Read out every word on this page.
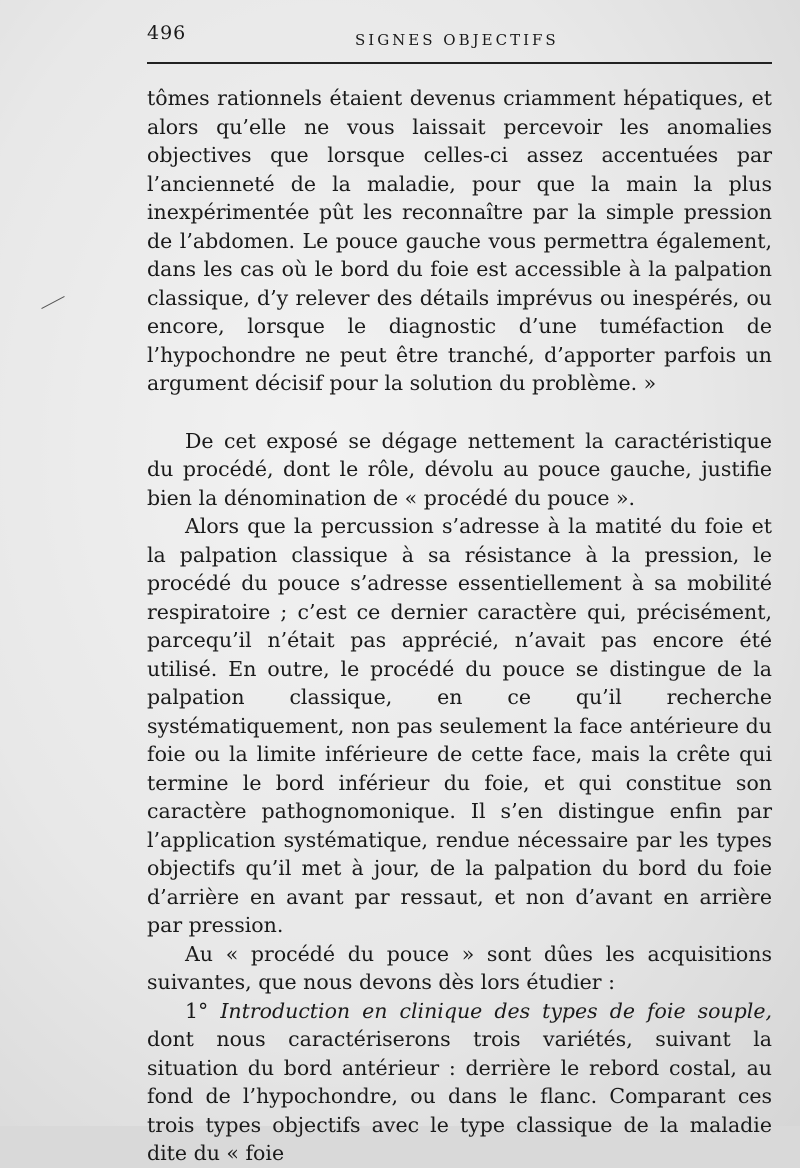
496	SIGNES OBJECTIFS

tômes rationnels étaient devenus criamment hépatiques, et alors qu’elle ne vous laissait percevoir les anomalies objectives que lorsque celles-ci assez accentuées par l’ancienneté de la maladie, pour que la main la plus inexpérimentée pût les reconnaître par la simple pression de l’abdomen. Le pouce gauche vous permettra également, dans les cas où le bord du foie est accessible à la palpation classique, d’y relever des détails imprévus ou inespérés, ou encore, lorsque le diagnostic d’une tuméfaction de l’hypochondre ne peut être tranché, d’apporter parfois un argument décisif pour la solution du problème. »

De cet exposé se dégage nettement la caractéristique du procédé, dont le rôle, dévolu au pouce gauche, justifie bien la dénomination de « procédé du pouce ».

Alors que la percussion s’adresse à la matité du foie et la palpation classique à sa résistance à la pression, le procédé du pouce s’adresse essentiellement à sa mobilité respiratoire ; c’est ce dernier caractère qui, précisément, parcequ’il n’était pas apprécié, n’avait pas encore été utilisé. En outre, le procédé du pouce se distingue de la palpation classique, en ce qu’il recherche systématiquement, non pas seulement la face antérieure du foie ou la limite inférieure de cette face, mais la crête qui termine le bord inférieur du foie, et qui constitue son caractère pathognomonique. Il s’en distingue enfin par l’application systématique, rendue nécessaire par les types objectifs qu’il met à jour, de la palpation du bord du foie d’arrière en avant par ressaut, et non d’avant en arrière par pression.

Au « procédé du pouce » sont dûes les acquisitions suivantes, que nous devons dès lors étudier :

1° Introduction en clinique des types de foie souple, dont nous caractériserons trois variétés, suivant la situation du bord antérieur : derrière le rebord costal, au fond de l’hypochondre, ou dans le flanc. Comparant ces trois types objectifs avec le type classique de la maladie dite du « foie
